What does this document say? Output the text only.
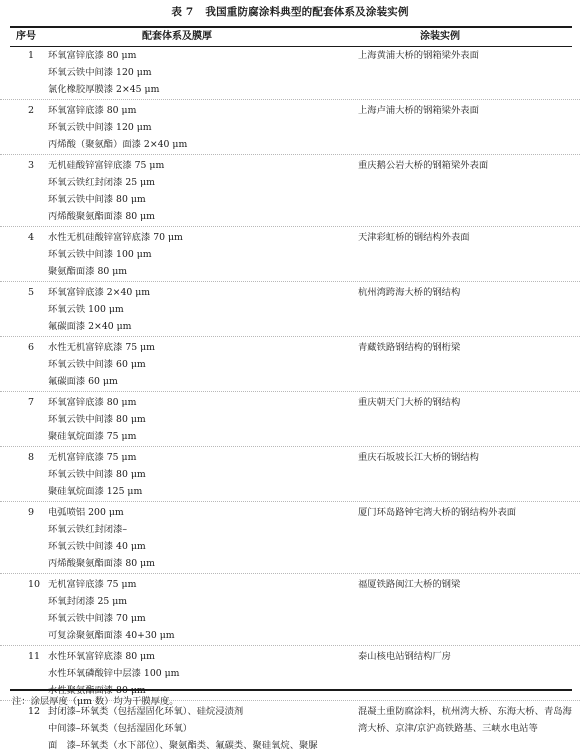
表 7 我国重防腐涂料典型的配套体系及涂装实例
序号	配套体系及膜厚	涂装实例
1 环氧富锌底漆 80 μm
环氧云铁中间漆 120 μm
氯化橡胶厚膜漆 2×45 μm
上海黄浦大桥的钢箱梁外表面
2 环氧富锌底漆 80 μm
环氧云铁中间漆 120 μm
丙烯酸（聚氨酯）面漆 2×40 μm
上海卢浦大桥的钢箱梁外表面
3 无机硅酸锌富锌底漆 75 μm
环氧云铁红封闭漆 25 μm
环氧云铁中间漆 80 μm
丙烯酸聚氨酯面漆 80 μm
重庆鹅公岩大桥的钢箱梁外表面
4 水性无机硅酸锌富锌底漆 70 μm
环氧云铁中间漆 100 μm
聚氨酯面漆 80 μm
天津彩虹桥的钢结构外表面
5 环氧富锌底漆 2×40 μm
环氧云铁 100 μm
氟碳面漆 2×40 μm
杭州湾跨海大桥的钢结构
6 水性无机富锌底漆 75 μm
环氧云铁中间漆 60 μm
氟碳面漆 60 μm
青藏铁路钢结构的钢桁梁
7 环氧富锌底漆 80 μm
环氧云铁中间漆 80 μm
聚硅氧烷面漆 75 μm
重庆朝天门大桥的钢结构
8 无机富锌底漆 75 μm
环氧云铁中间漆 80 μm
聚硅氧烷面漆 125 μm
重庆石坂坡长江大桥的钢结构
9 电弧喷铝 200 μm
环氧云铁红封闭漆–
环氧云铁中间漆 40 μm
丙烯酸聚氨酯面漆 80 μm
厦门环岛路钟宅湾大桥的钢结构外表面
10 无机富锌底漆 75 μm
环氧封闭漆 25 μm
环氧云铁中间漆 70 μm
可复涂聚氨酯面漆 40+30 μm
福厦铁路闽江大桥的钢梁
11 水性环氧富锌底漆 80 μm
水性环氧磷酸锌中层漆 100 μm
泰山核电站钢结构厂房
12 封闭漆–环氧类（包括湿固化环氧）、硅烷浸渍剂
中间漆–环氧类（包括湿固化环氧）
面　漆–环氧类（水下部位）、聚氨酯类、氟碳类、聚硅氧烷、聚脲
混凝土重防腐涂料，杭州湾大桥、东海大桥、青岛海湾大桥、京津/京沪高铁路基、三峡水电站等
注：涂层厚度（μm 数）均为干膜厚度。
